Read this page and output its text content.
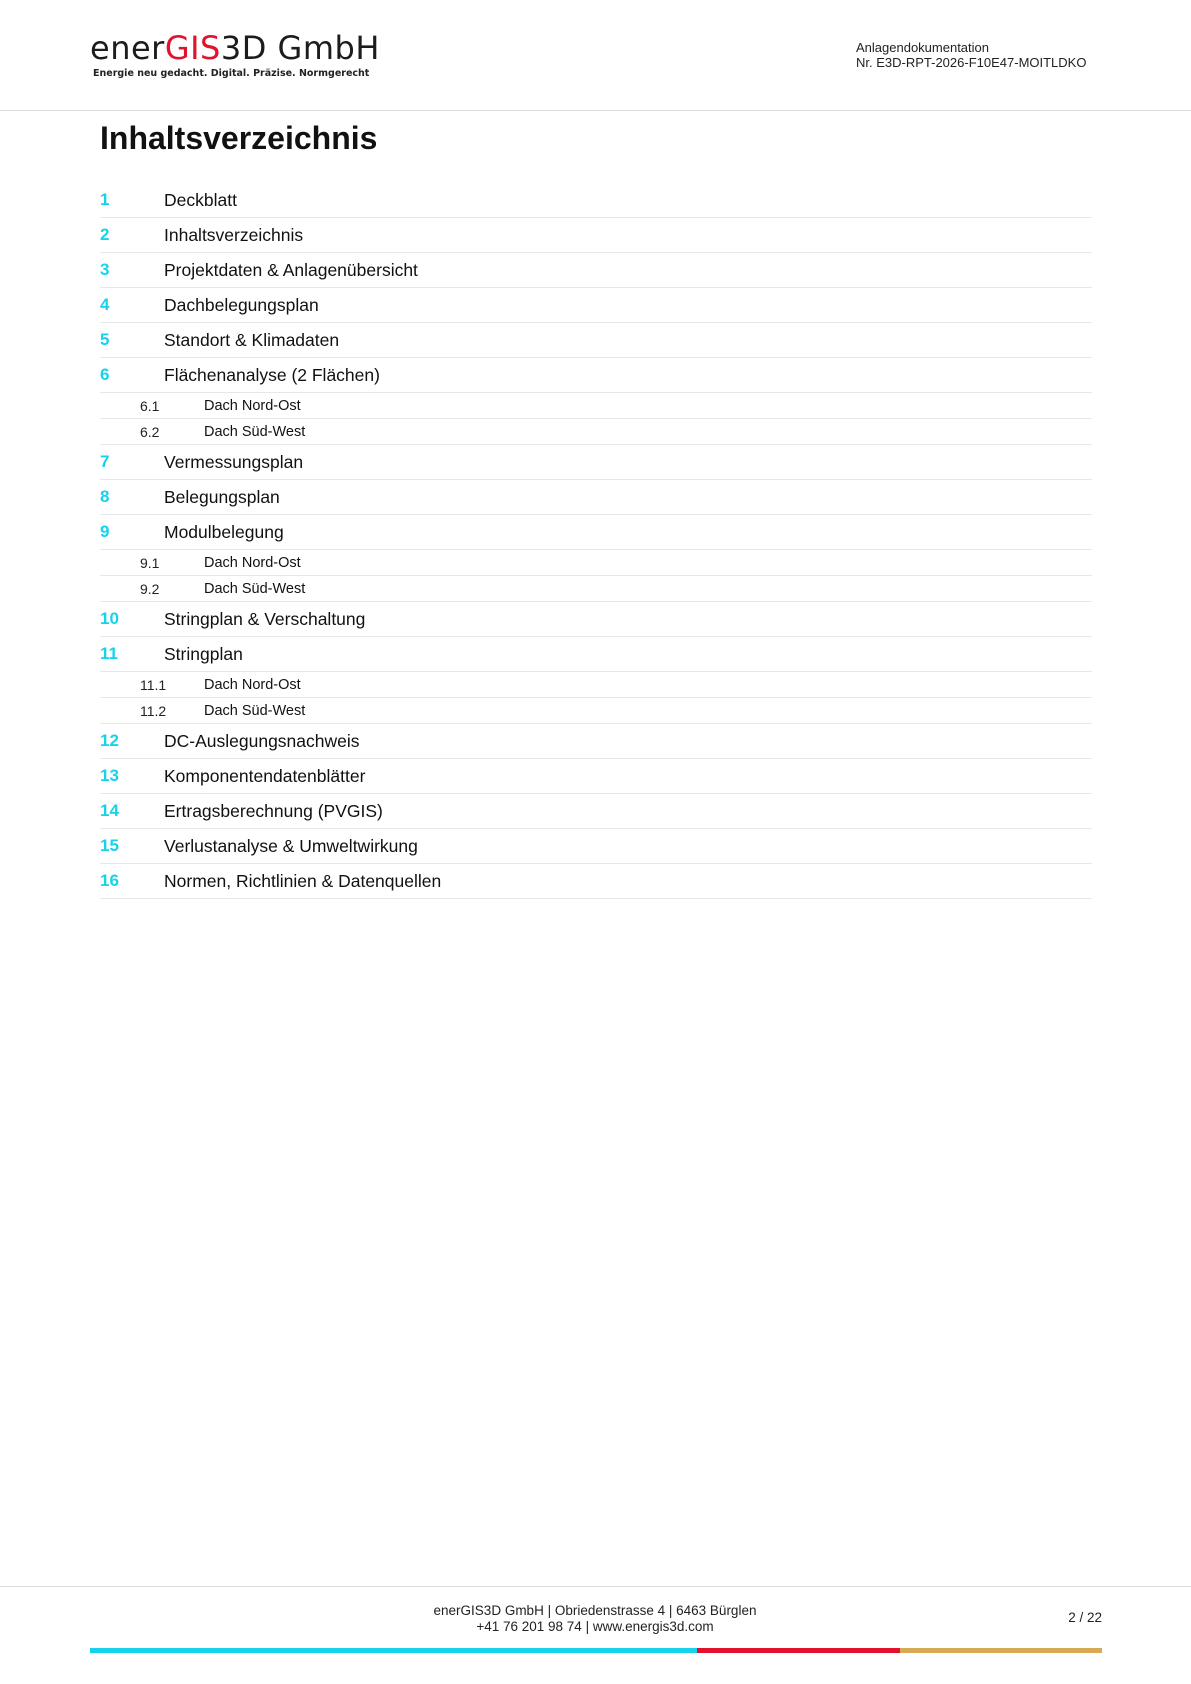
enerGIS3D GmbH
Energie neu gedacht. Digital. Präzise. Normgerecht
Anlagendokumentation
Nr. E3D-RPT-2026-F10E47-MOITLDKO
Inhaltsverzeichnis
1	Deckblatt
2	Inhaltsverzeichnis
3	Projektdaten & Anlagenübersicht
4	Dachbelegungsplan
5	Standort & Klimadaten
6	Flächenanalyse (2 Flächen)
6.1	Dach Nord-Ost
6.2	Dach Süd-West
7	Vermessungsplan
8	Belegungsplan
9	Modulbelegung
9.1	Dach Nord-Ost
9.2	Dach Süd-West
10	Stringplan & Verschaltung
11	Stringplan
11.1	Dach Nord-Ost
11.2	Dach Süd-West
12	DC-Auslegungsnachweis
13	Komponentendatenblätter
14	Ertragsberechnung (PVGIS)
15	Verlustanalyse & Umweltwirkung
16	Normen, Richtlinien & Datenquellen
enerGIS3D GmbH | Obriedenstrasse 4 | 6463 Bürglen
+41 76 201 98 74 | www.energis3d.com
2 / 22
